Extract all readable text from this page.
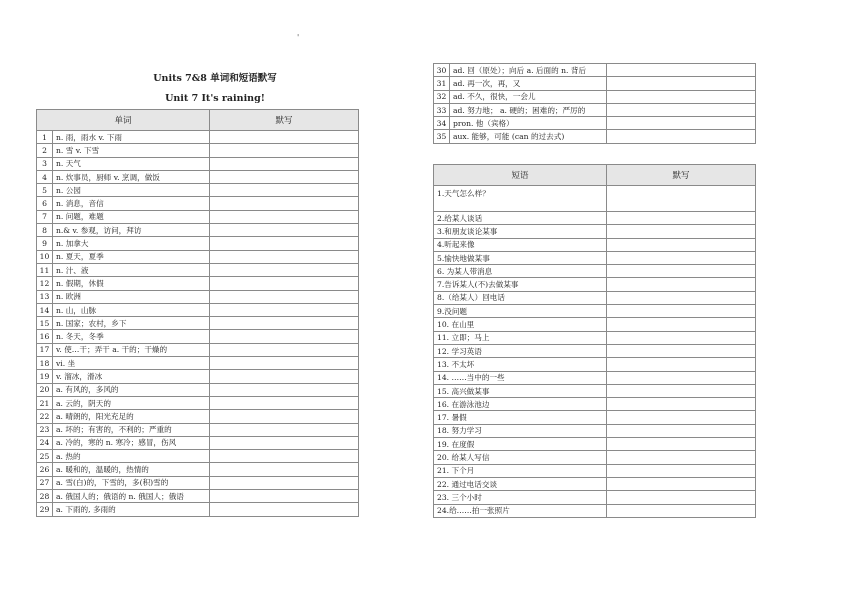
'
Units 7&8 单词和短语默写
Unit 7 It's raining!
单词		默写
1	n. 雨，雨水 v. 下雨	
2	n. 雪 v. 下雪	
3	n. 天气	
4	n. 炊事员，厨师 v. 烹调，做饭	
5	n. 公园	
6	n. 消息，音信	
7	n. 问题，难题	
8	n.& v. 参观，访问，拜访	
9	n. 加拿大	
10	n. 夏天，夏季	
11	n. 汁、液	
12	n. 假期，休假	
13	n. 欧洲	
14	n. 山，山脉	
15	n. 国家；农村，乡下	
16	n. 冬天，冬季	
17	v. 使…干；弄干 a. 干的；干燥的	
18	vi. 坐	
19	v. 溜冰，滑冰	
20	a. 有风的，多风的	
21	a. 云的，阴天的	
22	a. 晴朗的，阳光充足的	
23	a. 坏的；有害的，不利的；严重的	
24	a. 冷的，寒的 n. 寒冷；感冒，伤风	
25	a. 热的	
26	a. 暖和的，温暖的，热情的	
27	a. 雪(白)的，下雪的，多(积)雪的	
28	a. 俄国人的；俄语的 n. 俄国人；俄语	
29	a. 下雨的, 多雨的	
30	ad. 回（原处）；向后 a. 后面的 n. 背后	
31	ad. 再一次，再，又	
32	ad. 不久，很快，一会儿	
33	ad. 努力地； a. 硬的；困难的；严厉的	
34	pron. 他（宾格）	
35	aux. 能够，可能 (can 的过去式)	
短语	默写
1.天气怎么样？	
2.给某人谈话	
3.和朋友谈论某事	
4.听起来像	
5.愉快地做某事	
6. 为某人带消息	
7.告诉某人(不)去做某事	
8.（给某人）回电话	
9.没问题	
10. 在山里	
11. 立即；马上	
12. 学习英语	
13. 不太坏	
14. ……当中的一些	
15. 高兴做某事	
16. 在游泳池边	
17. 暑假	
18. 努力学习	
19. 在度假	
20. 给某人写信	
21. 下个月	
22. 通过电话交谈	
23. 三个小时	
24.给……拍一张照片	
